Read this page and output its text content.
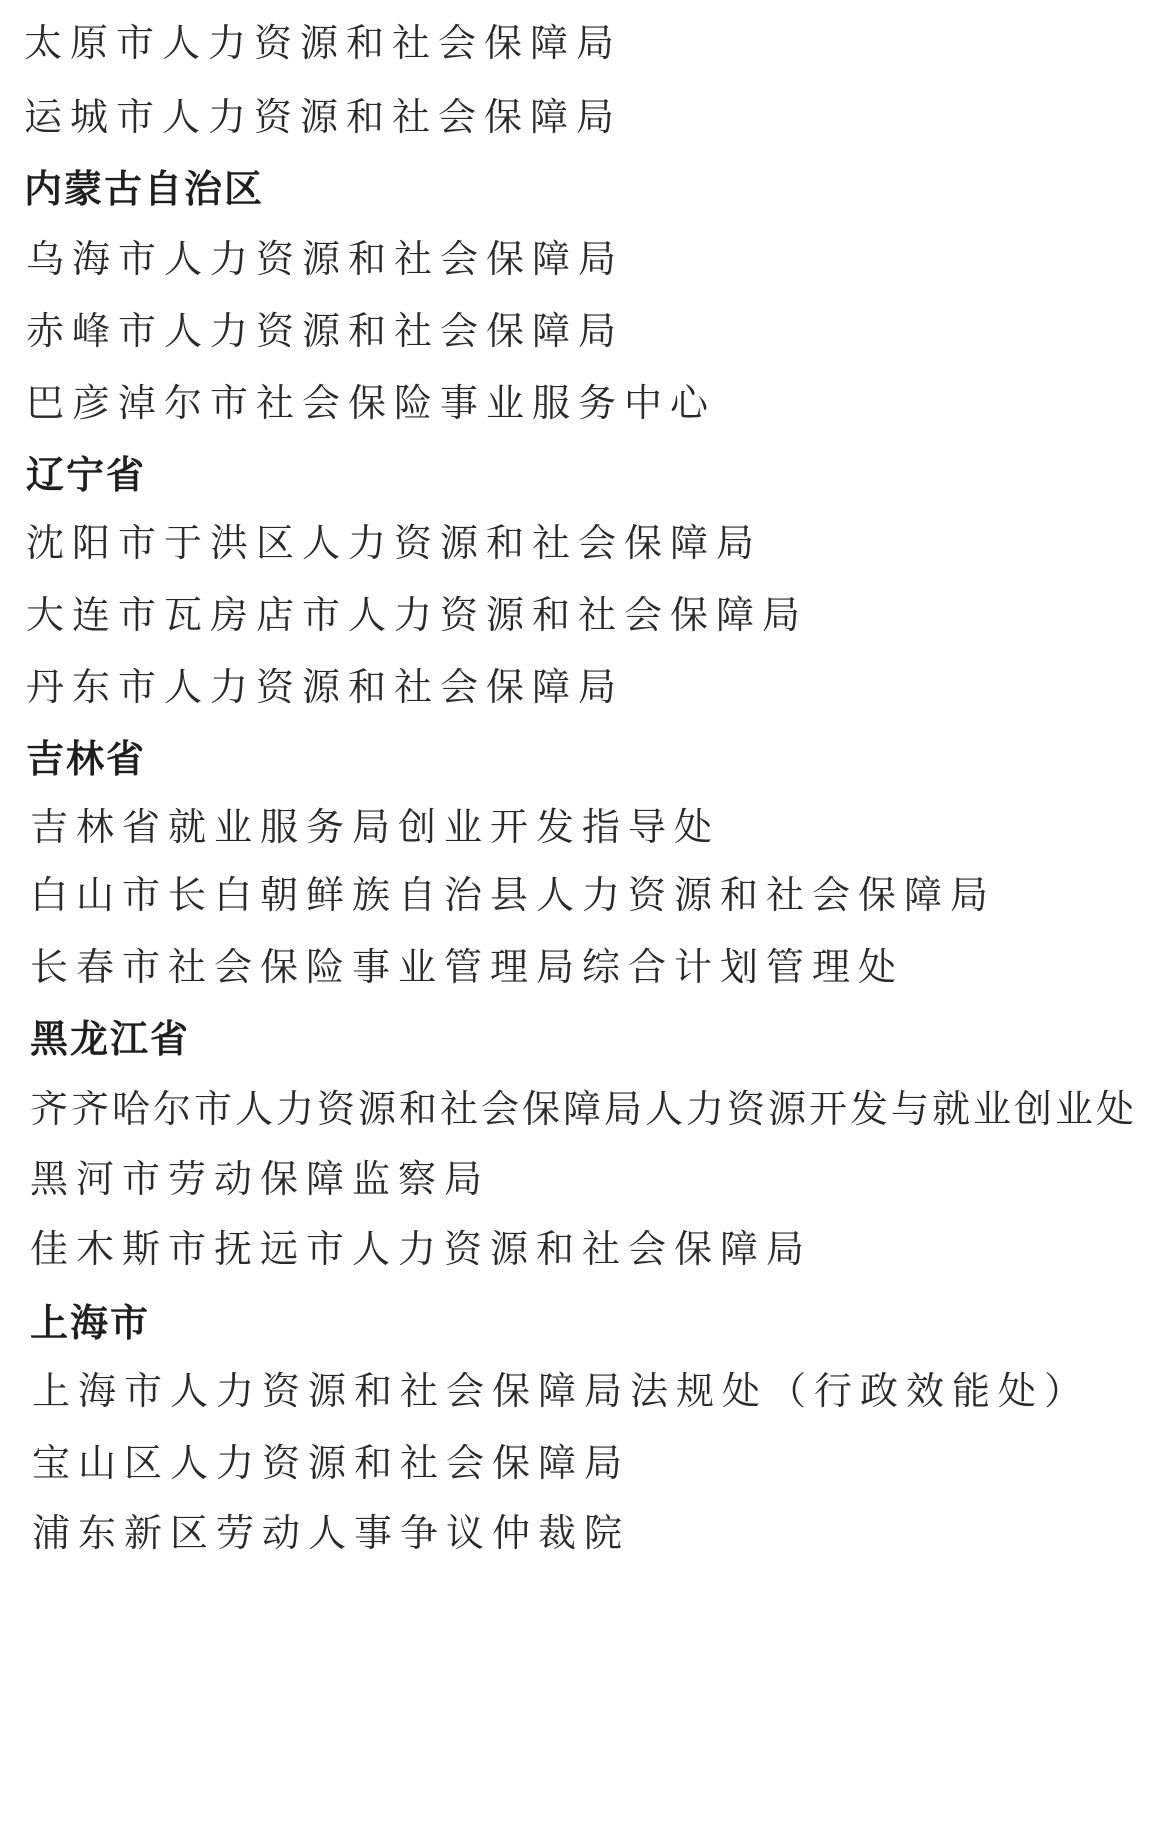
太原市人力资源和社会保障局
运城市人力资源和社会保障局
内蒙古自治区
乌海市人力资源和社会保障局
赤峰市人力资源和社会保障局
巴彦淖尔市社会保险事业服务中心
辽宁省
沈阳市于洪区人力资源和社会保障局
大连市瓦房店市人力资源和社会保障局
丹东市人力资源和社会保障局
吉林省
吉林省就业服务局创业开发指导处
白山市长白朝鲜族自治县人力资源和社会保障局
长春市社会保险事业管理局综合计划管理处
黑龙江省
齐齐哈尔市人力资源和社会保障局人力资源开发与就业创业处
黑河市劳动保障监察局
佳木斯市抚远市人力资源和社会保障局
上海市
上海市人力资源和社会保障局法规处（行政效能处）
宝山区人力资源和社会保障局
浦东新区劳动人事争议仲裁院
